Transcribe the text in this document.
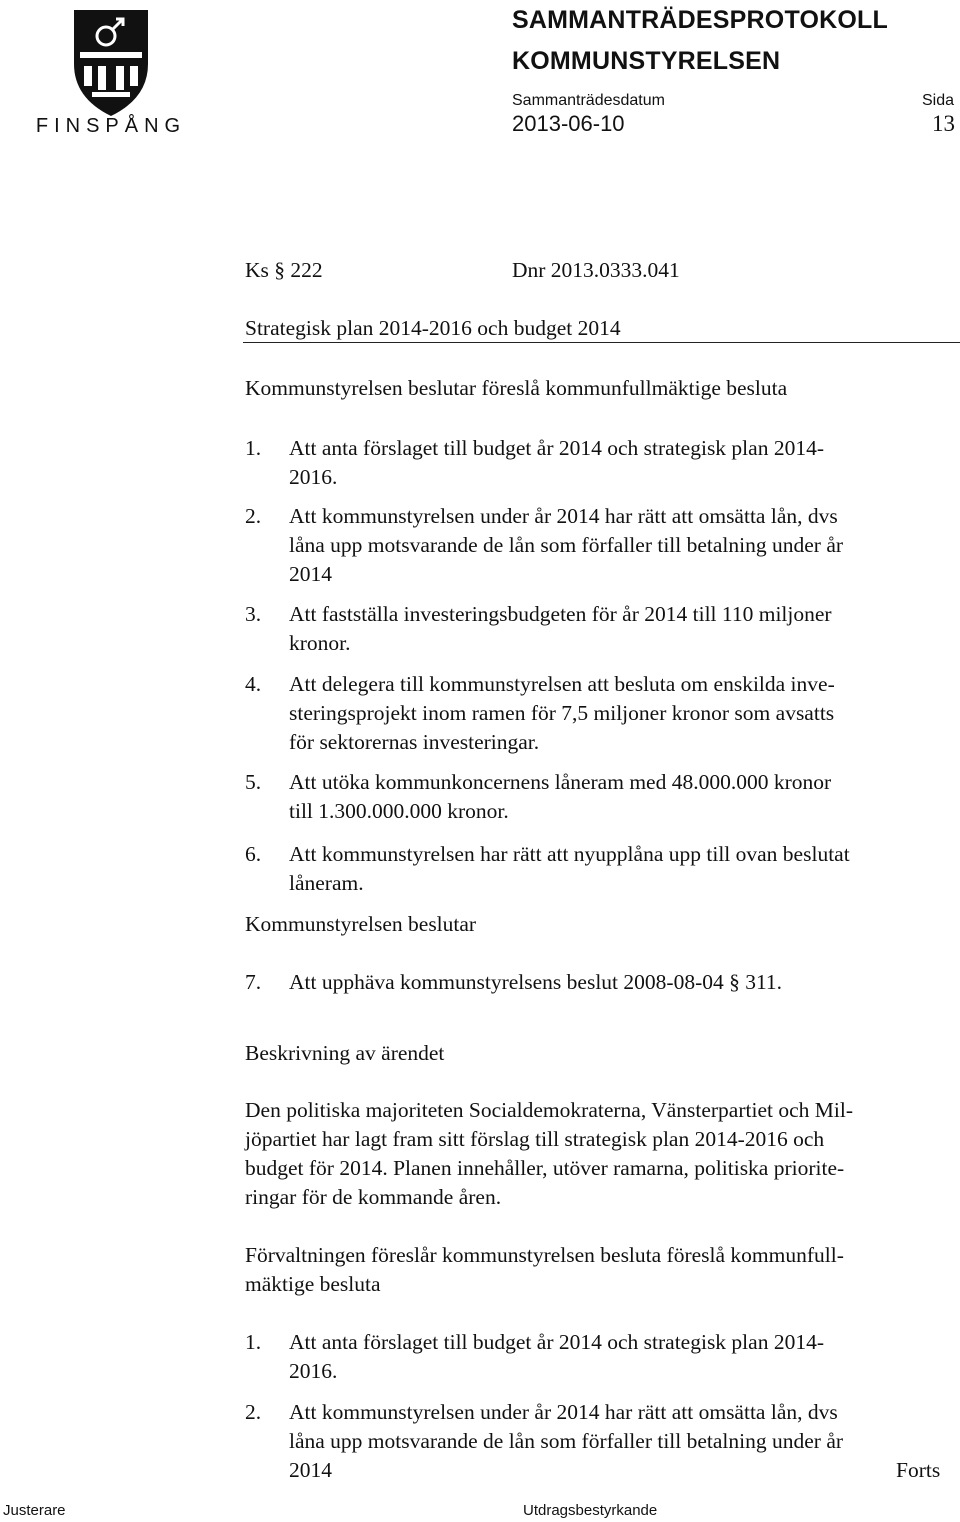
FINSPÅNG
SAMMANTRÄDESPROTOKOLL
KOMMUNSTYRELSEN
Sammanträdesdatum	Sida
2013-06-10	13
Ks § 222	Dnr 2013.0333.041
Strategisk plan 2014-2016 och budget 2014
Kommunstyrelsen beslutar föreslå kommunfullmäktige besluta
1. Att anta förslaget till budget år 2014 och strategisk plan 2014-
2016.
2. Att kommunstyrelsen under år 2014 har rätt att omsätta lån, dvs
låna upp motsvarande de lån som förfaller till betalning under år
2014
3. Att fastställa investeringsbudgeten för år 2014 till 110 miljoner
kronor.
4. Att delegera till kommunstyrelsen att besluta om enskilda inve-
steringsprojekt inom ramen för 7,5 miljoner kronor som avsatts
för sektorernas investeringar.
5. Att utöka kommunkoncernens låneram med 48.000.000 kronor
till 1.300.000.000 kronor.
6. Att kommunstyrelsen har rätt att nyupplåna upp till ovan beslutat
låneram.
Kommunstyrelsen beslutar
7. Att upphäva kommunstyrelsens beslut 2008-08-04 § 311.
Beskrivning av ärendet
Den politiska majoriteten Socialdemokraterna, Vänsterpartiet och Mil-
jöpartiet har lagt fram sitt förslag till strategisk plan 2014-2016 och
budget för 2014. Planen innehåller, utöver ramarna, politiska priorite-
ringar för de kommande åren.
Förvaltningen föreslår kommunstyrelsen besluta föreslå kommunfull-
mäktige besluta
1. Att anta förslaget till budget år 2014 och strategisk plan 2014-
2016.
2. Att kommunstyrelsen under år 2014 har rätt att omsätta lån, dvs
låna upp motsvarande de lån som förfaller till betalning under år
2014	Forts
Justerare	Utdragsbestyrkande
